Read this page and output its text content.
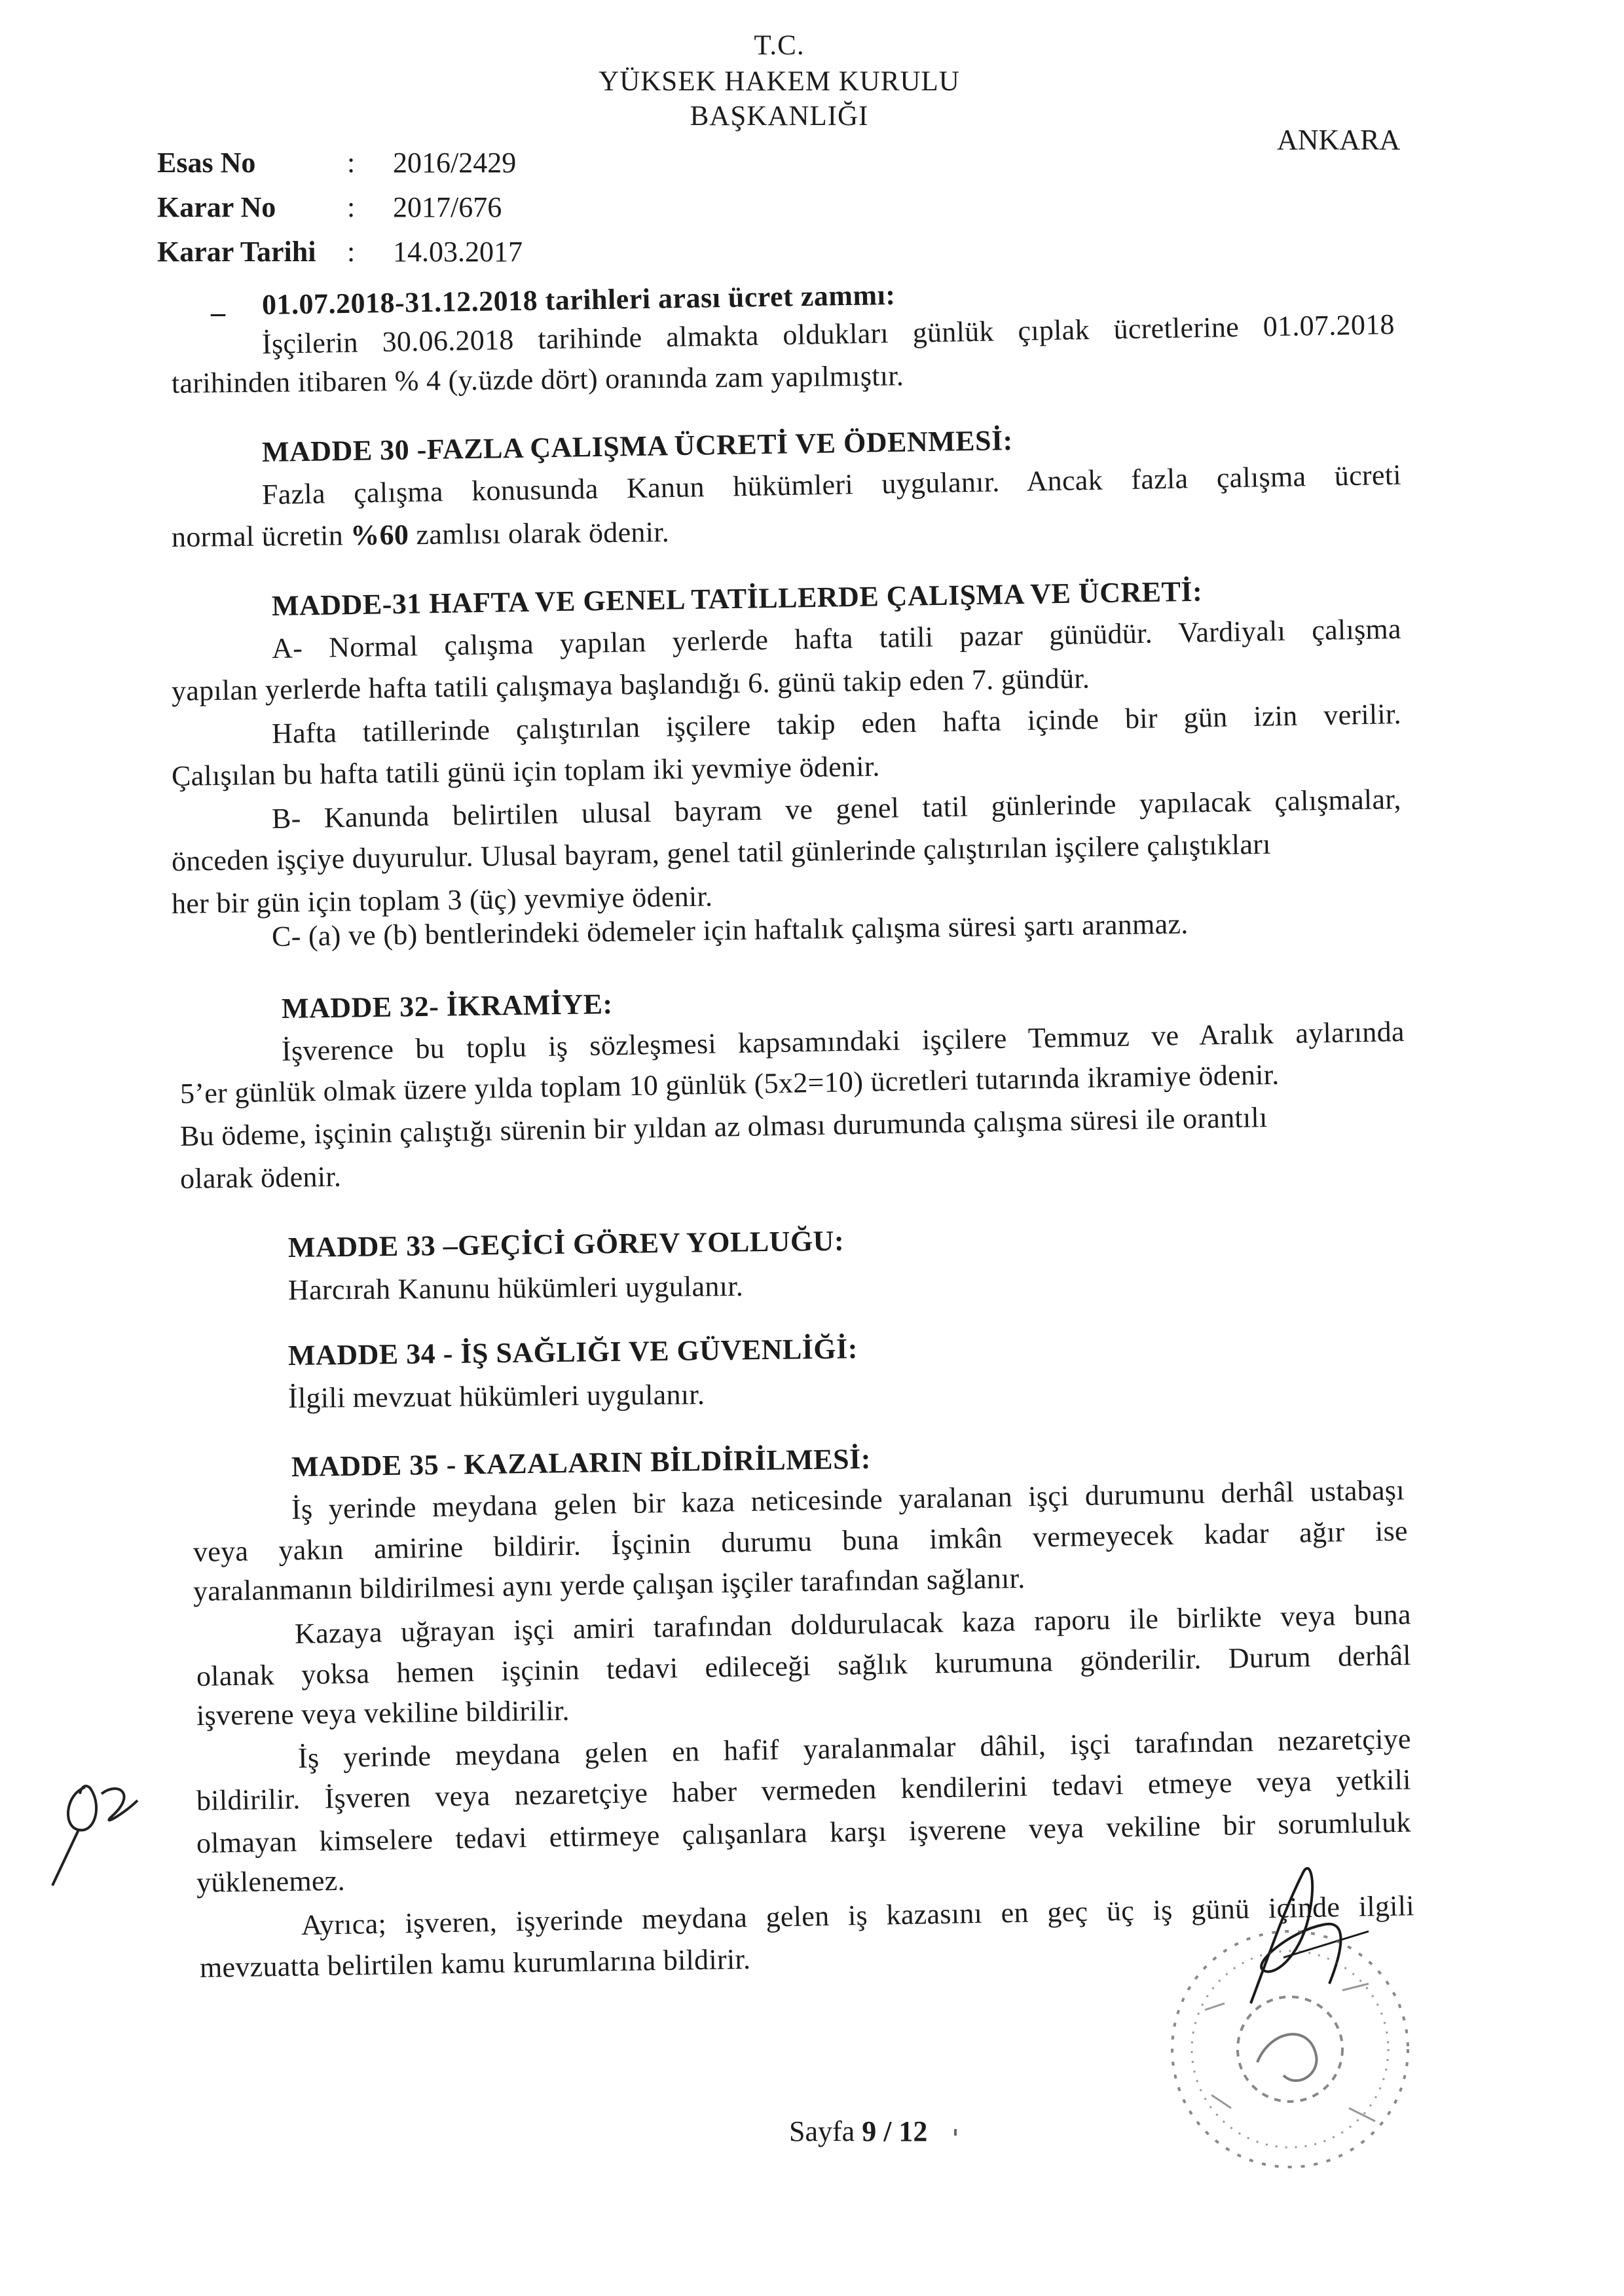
T.C.
YÜKSEK HAKEM KURULU
BAŞKANLIĞI
ANKARA
Esas No	: 2016/2429
Karar No : 2017/676
Karar Tarihi : 14.03.2017
– 01.07.2018-31.12.2018 tarihleri arası ücret zammı:
İşçilerin 30.06.2018 tarihinde almakta oldukları günlük çıplak ücretlerine 01.07.2018
tarihinden itibaren % 4 (y.üzde dört) oranında zam yapılmıştır.
MADDE 30 -FAZLA ÇALIŞMA ÜCRETİ VE ÖDENMESİ:
Fazla çalışma konusunda Kanun hükümleri uygulanır. Ancak fazla çalışma ücreti
normal ücretin %60 zamlısı olarak ödenir.
MADDE-31 HAFTA VE GENEL TATİLLERDE ÇALIŞMA VE ÜCRETİ:
A- Normal çalışma yapılan yerlerde hafta tatili pazar günüdür. Vardiyalı çalışma
yapılan yerlerde hafta tatili çalışmaya başlandığı 6. günü takip eden 7. gündür.
Hafta tatillerinde çalıştırılan işçilere takip eden hafta içinde bir gün izin verilir.
Çalışılan bu hafta tatili günü için toplam iki yevmiye ödenir.
B- Kanunda belirtilen ulusal bayram ve genel tatil günlerinde yapılacak çalışmalar,
önceden işçiye duyurulur. Ulusal bayram, genel tatil günlerinde çalıştırılan işçilere çalıştıkları
her bir gün için toplam 3 (üç) yevmiye ödenir.
C- (a) ve (b) bentlerindeki ödemeler için haftalık çalışma süresi şartı aranmaz.
MADDE 32- İKRAMİYE:
İşverence bu toplu iş sözleşmesi kapsamındaki işçilere Temmuz ve Aralık aylarında
5’er günlük olmak üzere yılda toplam 10 günlük (5x2=10) ücretleri tutarında ikramiye ödenir.
Bu ödeme, işçinin çalıştığı sürenin bir yıldan az olması durumunda çalışma süresi ile orantılı
olarak ödenir.
MADDE 33 –GEÇİCİ GÖREV YOLLUĞU:
Harcırah Kanunu hükümleri uygulanır.
MADDE 34 - İŞ SAĞLIĞI VE GÜVENLİĞİ:
İlgili mevzuat hükümleri uygulanır.
MADDE 35 - KAZALARIN BİLDİRİLMESİ:
İş yerinde meydana gelen bir kaza neticesinde yaralanan işçi durumunu derhâl ustabaşı
veya yakın amirine bildirir. İşçinin durumu buna imkân vermeyecek kadar ağır ise
yaralanmanın bildirilmesi aynı yerde çalışan işçiler tarafından sağlanır.
Kazaya uğrayan işçi amiri tarafından doldurulacak kaza raporu ile birlikte veya buna
olanak yoksa hemen işçinin tedavi edileceği sağlık kurumuna gönderilir. Durum derhâl
işverene veya vekiline bildirilir.
İş yerinde meydana gelen en hafif yaralanmalar dâhil, işçi tarafından nezaretçiye
bildirilir. İşveren veya nezaretçiye haber vermeden kendilerini tedavi etmeye veya yetkili
olmayan kimselere tedavi ettirmeye çalışanlara karşı işverene veya vekiline bir sorumluluk
yüklenemez.
Ayrıca; işveren, işyerinde meydana gelen iş kazasını en geç üç iş günü içinde ilgili
mevzuatta belirtilen kamu kurumlarına bildirir.
Sayfa 9 / 12
